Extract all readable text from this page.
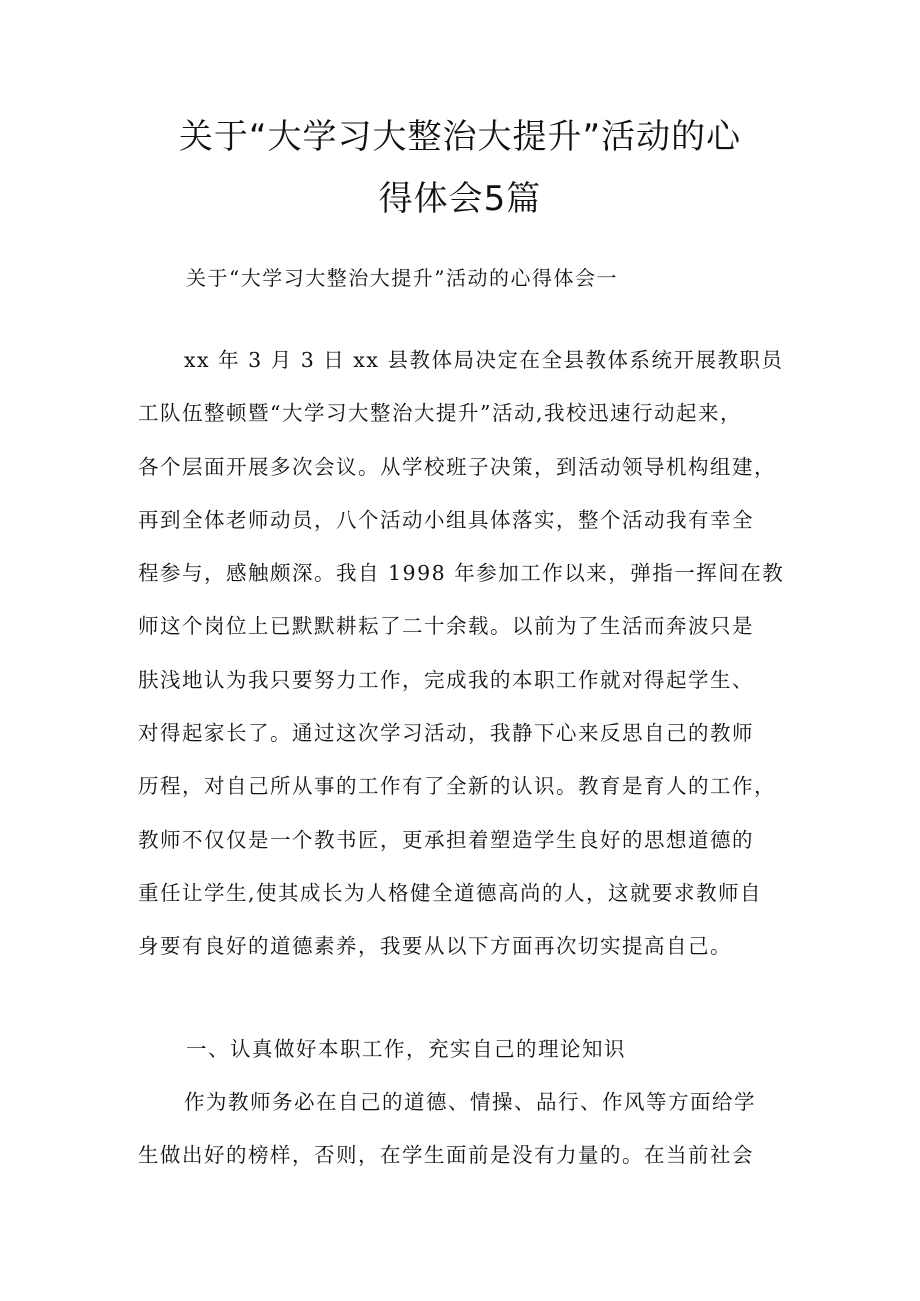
关于“大学习大整治大提升”活动的心
得体会5篇
关于“大学习大整治大提升”活动的心得体会一
xx 年 3 月 3 日 xx 县教体局决定在全县教体系统开展教职员
工队伍整顿暨“大学习大整治大提升”活动,我校迅速行动起来，
各个层面开展多次会议。从学校班子决策，到活动领导机构组建，
再到全体老师动员，八个活动小组具体落实，整个活动我有幸全
程参与，感触颇深。我自 1998 年参加工作以来，弹指一挥间在教
师这个岗位上已默默耕耘了二十余载。以前为了生活而奔波只是
肤浅地认为我只要努力工作，完成我的本职工作就对得起学生、
对得起家长了。通过这次学习活动，我静下心来反思自己的教师
历程，对自己所从事的工作有了全新的认识。教育是育人的工作，
教师不仅仅是一个教书匠，更承担着塑造学生良好的思想道德的
重任让学生,使其成长为人格健全道德高尚的人，这就要求教师自
身要有良好的道德素养，我要从以下方面再次切实提高自己。
一、认真做好本职工作，充实自己的理论知识
作为教师务必在自己的道德、情操、品行、作风等方面给学
生做出好的榜样，否则，在学生面前是没有力量的。在当前社会
